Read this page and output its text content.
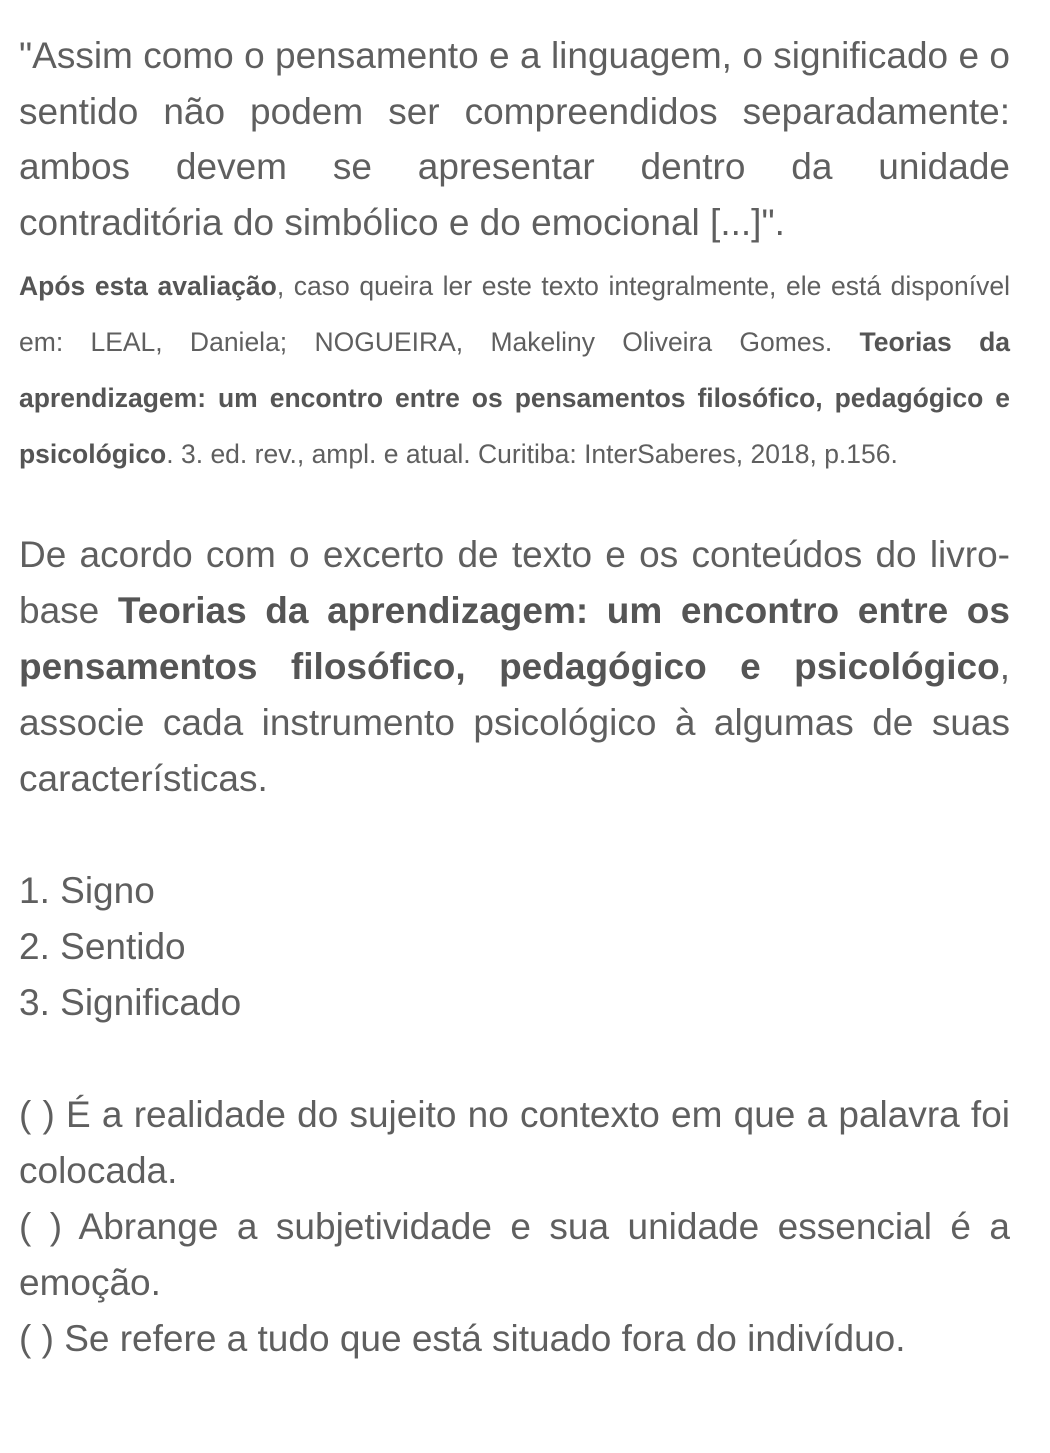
"Assim como o pensamento e a linguagem, o significado e o sentido não podem ser compreendidos separadamente: ambos devem se apresentar dentro da unidade contraditória do simbólico e do emocional [...]".

Após esta avaliação, caso queira ler este texto integralmente, ele está disponível em: LEAL, Daniela; NOGUEIRA, Makeliny Oliveira Gomes. Teorias da aprendizagem: um encontro entre os pensamentos filosófico, pedagógico e psicológico. 3. ed. rev., ampl. e atual. Curitiba: InterSaberes, 2018, p.156.

De acordo com o excerto de texto e os conteúdos do livro-base Teorias da aprendizagem: um encontro entre os pensamentos filosófico, pedagógico e psicológico, associe cada instrumento psicológico à algumas de suas características.

1. Signo
2. Sentido
3. Significado

( ) É a realidade do sujeito no contexto em que a palavra foi colocada.

( ) Abrange a subjetividade e sua unidade essencial é a emoção.

( ) Se refere a tudo que está situado fora do indivíduo.
